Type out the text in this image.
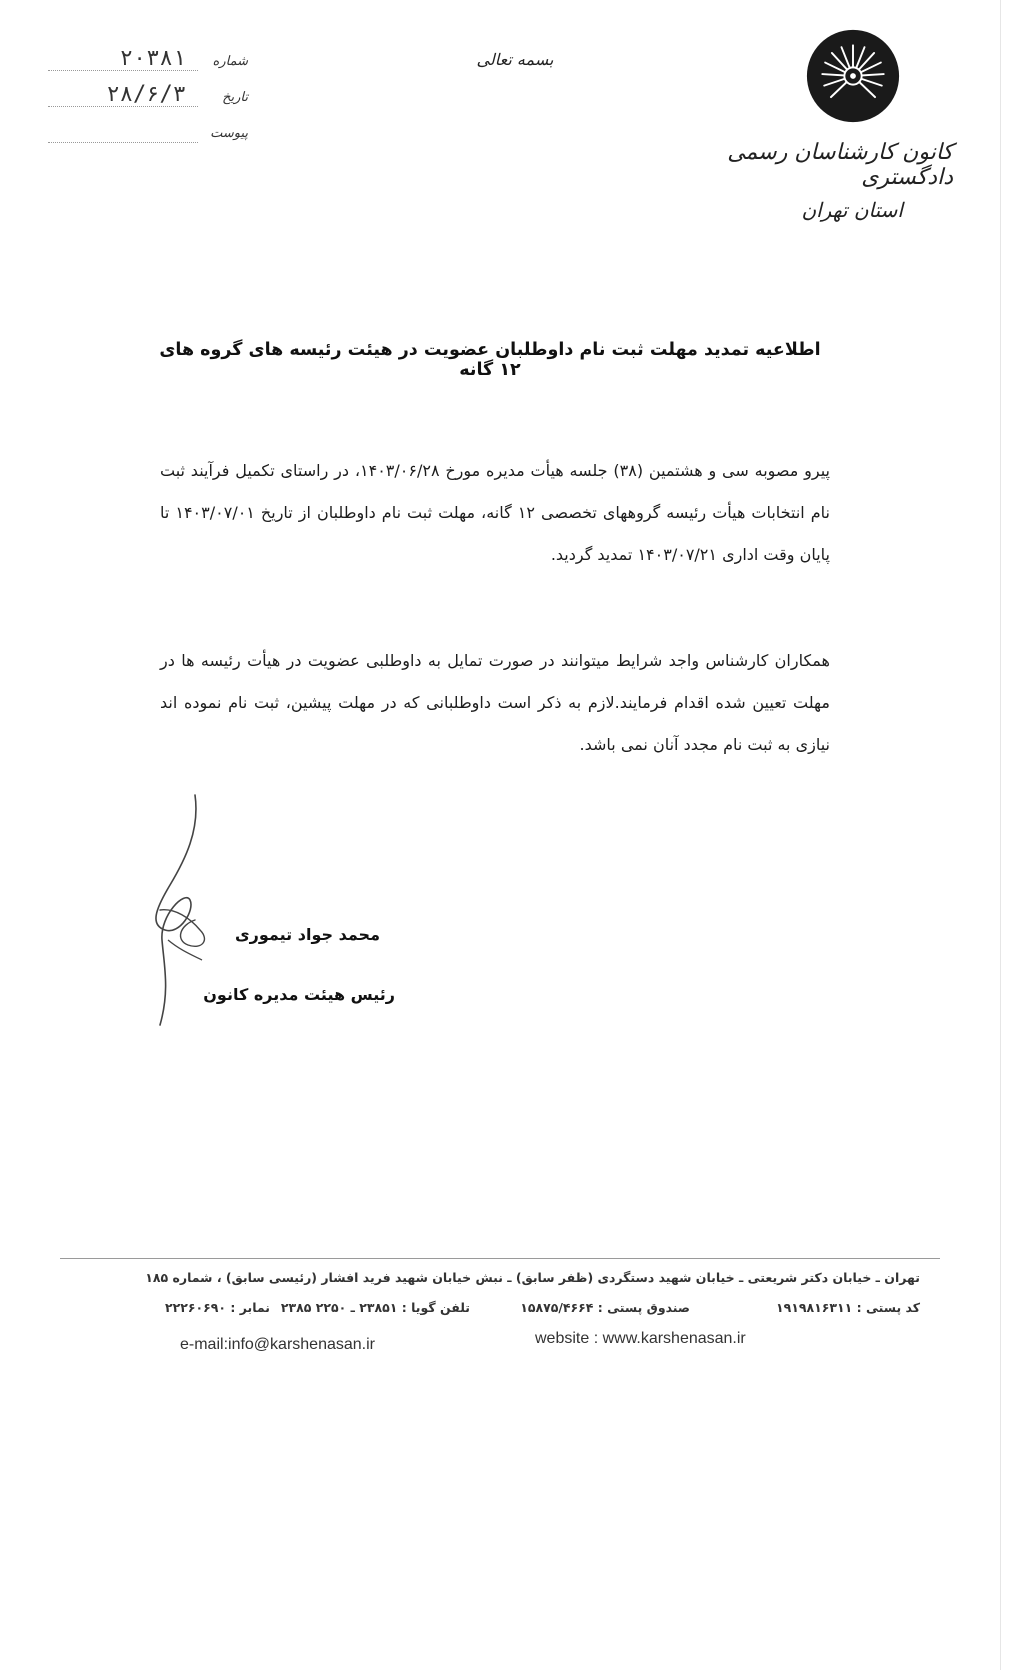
کانون کارشناسان رسمی دادگستری
استان تهران
بسمه تعالی
شماره
۲۰۳۸۱
تاریخ
۲۸/۶/۳
پیوست
اطلاعیه تمدید مهلت ثبت نام داوطلبان عضویت در هیئت رئیسه های گروه های ۱۲ گانه
پیرو مصوبه سی و هشتمین (۳۸) جلسه هیأت مدیره مورخ ۱۴۰۳/۰۶/۲۸، در راستای تکمیل فرآیند ثبت نام انتخابات هیأت رئیسه گروههای تخصصی ۱۲ گانه، مهلت ثبت نام داوطلبان از تاریخ ۱۴۰۳/۰۷/۰۱ تا پایان وقت اداری ۱۴۰۳/۰۷/۲۱ تمدید گردید.
همکاران کارشناس واجد شرایط میتوانند در صورت تمایل به داوطلبی عضویت در هیأت رئیسه ها در مهلت تعیین شده اقدام فرمایند.لازم به ذکر است داوطلبانی که در مهلت پیشین، ثبت نام نموده اند نیازی به ثبت نام مجدد آنان نمی باشد.
محمد جواد تیموری
رئیس هیئت مدیره کانون
تهران ـ خیابان دکتر شریعتی ـ خیابان شهید دستگردی (ظفر سابق) ـ نبش خیابان شهید فرید افشار (رئیسی سابق) ، شماره ۱۸۵
کد پستی : ۱۹۱۹۸۱۶۳۱۱
صندوق پستی : ۱۵۸۷۵/۴۶۶۴
تلفن گویا : ۲۳۸۵۱ ـ ۲۲۵۰ ۲۳۸۵
نمابر : ۲۲۲۶۰۶۹۰
website : www.karshenasan.ir
e-mail:info@karshenasan.ir
